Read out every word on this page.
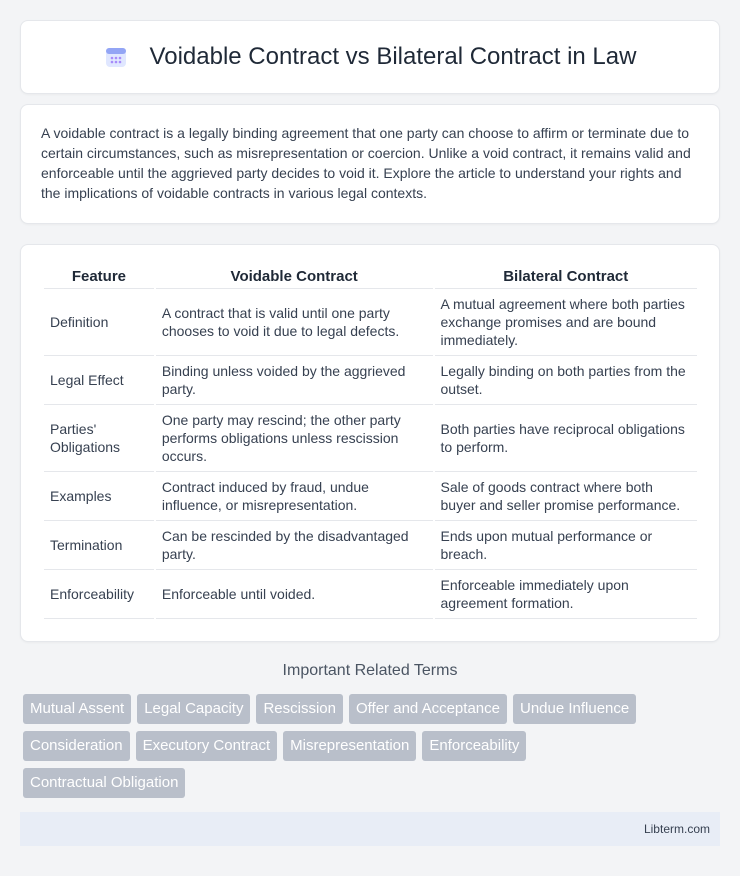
Voidable Contract vs Bilateral Contract in Law

A voidable contract is a legally binding agreement that one party can choose to affirm or terminate due to certain circumstances, such as misrepresentation or coercion. Unlike a void contract, it remains valid and enforceable until the aggrieved party decides to void it. Explore the article to understand your rights and the implications of voidable contracts in various legal contexts.

Feature	Voidable Contract	Bilateral Contract
Definition	A contract that is valid until one party chooses to void it due to legal defects.	A mutual agreement where both parties exchange promises and are bound immediately.
Legal Effect	Binding unless voided by the aggrieved party.	Legally binding on both parties from the outset.
Parties' Obligations	One party may rescind; the other party performs obligations unless rescission occurs.	Both parties have reciprocal obligations to perform.
Examples	Contract induced by fraud, undue influence, or misrepresentation.	Sale of goods contract where both buyer and seller promise performance.
Termination	Can be rescinded by the disadvantaged party.	Ends upon mutual performance or breach.
Enforceability	Enforceable until voided.	Enforceable immediately upon agreement formation.
Important Related Terms
Mutual Assent	Legal Capacity	Rescission	Offer and Acceptance	Undue Influence
Consideration	Executory Contract	Misrepresentation	Enforceability
Contractual Obligation
Libterm.com
